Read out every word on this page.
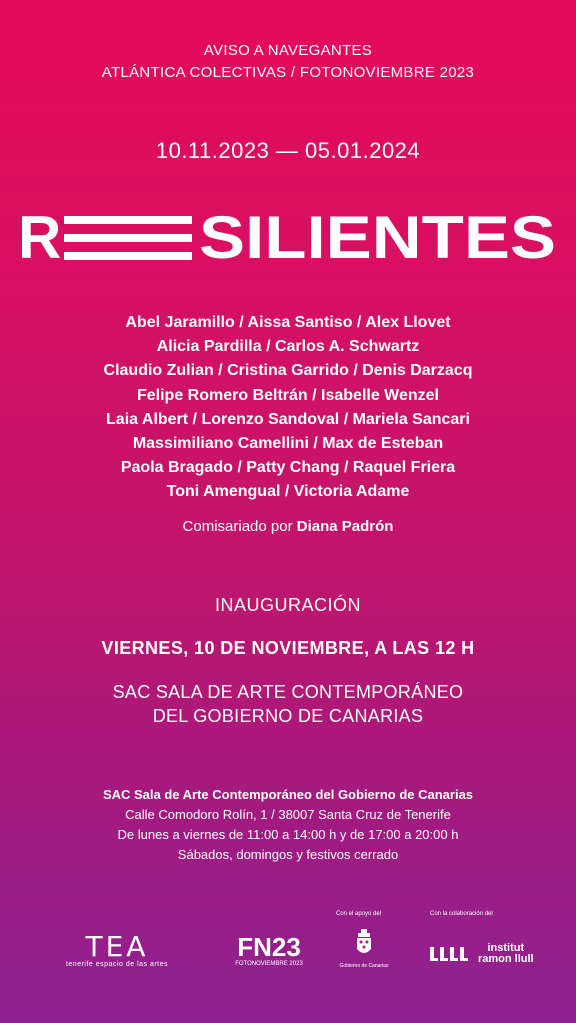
AVISO A NAVEGANTES
ATLÁNTICA COLECTIVAS / FOTONOVIEMBRE 2023
10.11.2023 — 05.01.2024
R SILIENTES
Abel Jaramillo / Aissa Santiso / Alex Llovet
Alicia Pardilla / Carlos A. Schwartz
Claudio Zulian / Cristina Garrido / Denis Darzacq
Felipe Romero Beltrán / Isabelle Wenzel
Laia Albert / Lorenzo Sandoval / Mariela Sancari
Massimiliano Camellini / Max de Esteban
Paola Bragado / Patty Chang / Raquel Friera
Toni Amengual / Victoria Adame
Comisariado por Diana Padrón
INAUGURACIÓN
VIERNES, 10 DE NOVIEMBRE, A LAS 12 H
SAC SALA DE ARTE CONTEMPORÁNEO
DEL GOBIERNO DE CANARIAS
SAC Sala de Arte Contemporáneo del Gobierno de Canarias
Calle Comodoro Rolín, 1 / 38007 Santa Cruz de Tenerife
De lunes a viernes de 11:00 a 14:00 h y de 17:00 a 20:00 h
Sábados, domingos y festivos cerrado
TEA
tenerife espacio de las artes
FN23
FOTONOVIEMBRE 2023
Con el apoyo del
Gobierno de Canarias
Con la colaboración del
institut
ramon llull
